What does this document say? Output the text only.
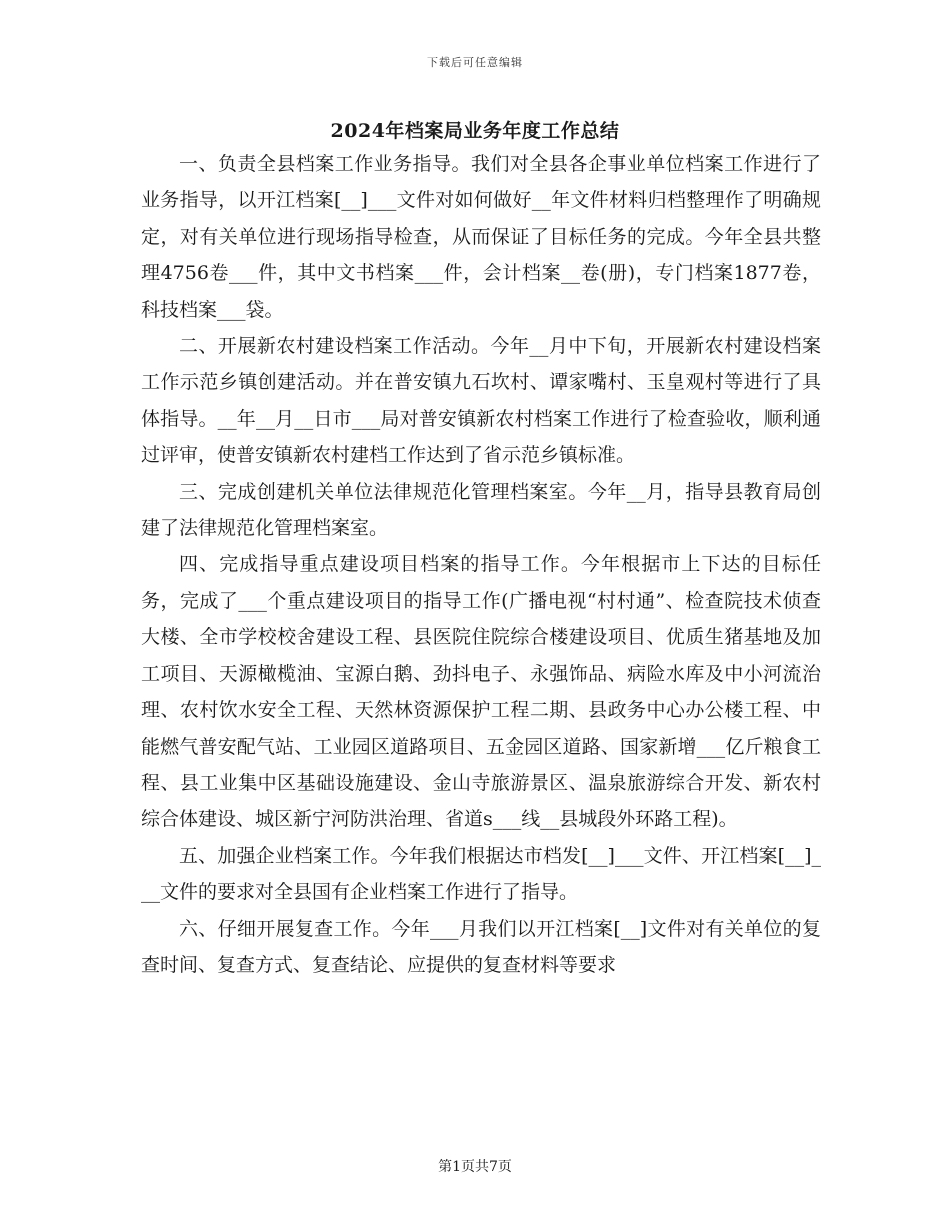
下载后可任意编辑
2024年档案局业务年度工作总结

一、负责全县档案工作业务指导。我们对全县各企事业单位档案工作进行了业务指导，以开江档案[__]___文件对如何做好__年文件材料归档整理作了明确规定，对有关单位进行现场指导检查，从而保证了目标任务的完成。今年全县共整理4756卷___件，其中文书档案___件，会计档案__卷(册)，专门档案1877卷，科技档案___袋。

二、开展新农村建设档案工作活动。今年__月中下旬，开展新农村建设档案工作示范乡镇创建活动。并在普安镇九石坎村、谭家嘴村、玉皇观村等进行了具体指导。__年__月__日市___局对普安镇新农村档案工作进行了检查验收，顺利通过评审，使普安镇新农村建档工作达到了省示范乡镇标准。

三、完成创建机关单位法律规范化管理档案室。今年__月，指导县教育局创建了法律规范化管理档案室。

四、完成指导重点建设项目档案的指导工作。今年根据市上下达的目标任务，完成了___个重点建设项目的指导工作(广播电视“村村通”、检查院技术侦查大楼、全市学校校舍建设工程、县医院住院综合楼建设项目、优质生猪基地及加工项目、天源橄榄油、宝源白鹅、劲抖电子、永强饰品、病险水库及中小河流治理、农村饮水安全工程、天然林资源保护工程二期、县政务中心办公楼工程、中能燃气普安配气站、工业园区道路项目、五金园区道路、国家新增___亿斤粮食工程、县工业集中区基础设施建设、金山寺旅游景区、温泉旅游综合开发、新农村综合体建设、城区新宁河防洪治理、省道s___线__县城段外环路工程)。

五、加强企业档案工作。今年我们根据达市档发[__]___文件、开江档案[__]___文件的要求对全县国有企业档案工作进行了指导。

六、仔细开展复查工作。今年___月我们以开江档案[__]文件对有关单位的复查时间、复查方式、复查结论、应提供的复查材料等要求

第1页共7页
